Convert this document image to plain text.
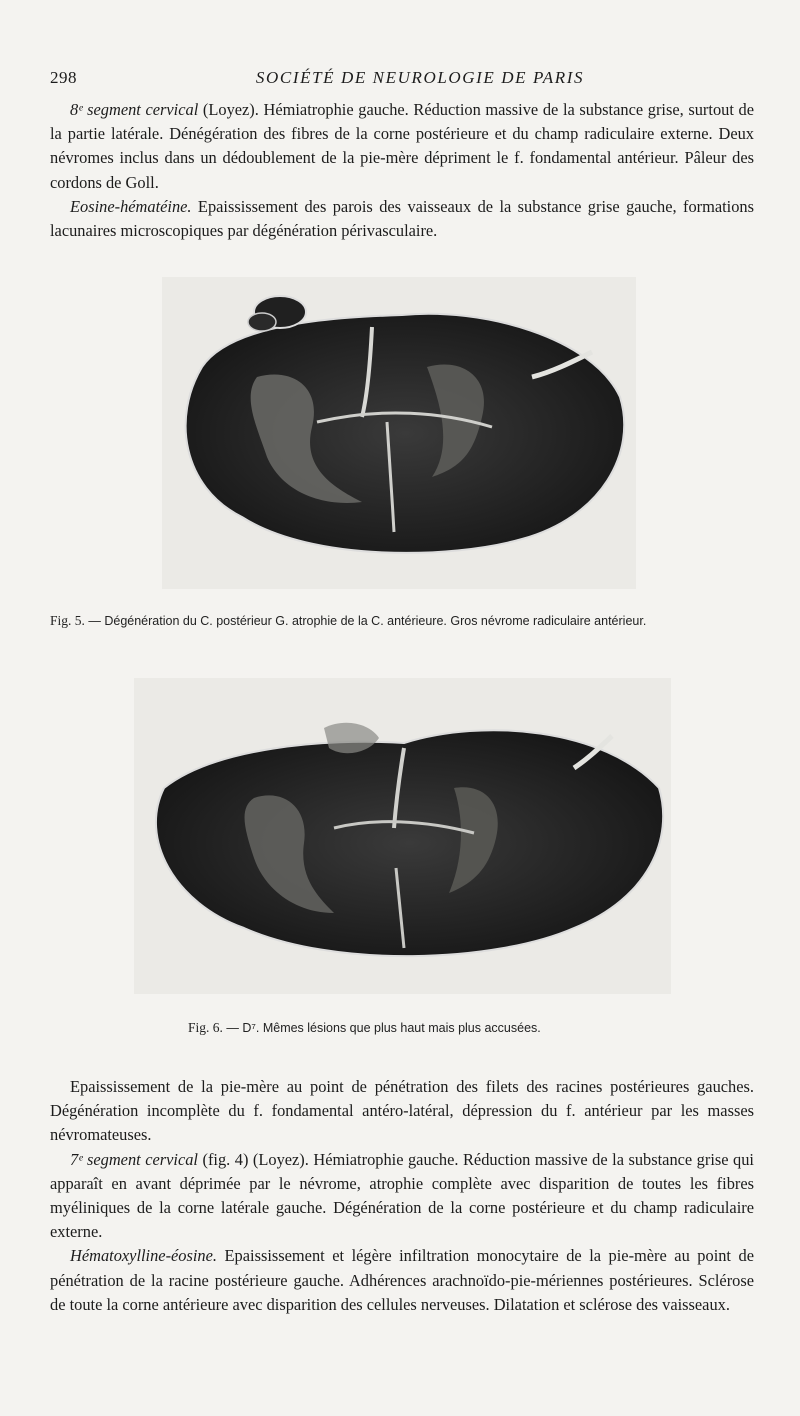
298	SOCIÉTÉ DE NEUROLOGIE DE PARIS

8ᵉ segment cervical (Loyez). Hémiatrophie gauche. Réduction massive de la substance grise, surtout de la partie latérale. Dénégération des fibres de la corne postérieure et du champ radiculaire externe. Deux névromes inclus dans un dédoublement de la pie-mère dépriment le f. fondamental antérieur. Pâleur des cordons de Goll.

Eosine-hématéine. Epaississement des parois des vaisseaux de la substance grise gauche, formations lacunaires microscopiques par dégénération périvasculaire.

Fig. 5. — Dégénération du C. postérieur G. atrophie de la C. antérieure. Gros névrome radiculaire antérieur.
Fig. 6. — D⁷. Mêmes lésions que plus haut mais plus accusées.

Epaississement de la pie-mère au point de pénétration des filets des racines postérieures gauches. Dégénération incomplète du f. fondamental antéro-latéral, dépression du f. antérieur par les masses névromateuses.

7ᵉ segment cervical (fig. 4) (Loyez). Hémiatrophie gauche. Réduction massive de la substance grise qui apparaît en avant déprimée par le névrome, atrophie complète avec disparition de toutes les fibres myéliniques de la corne latérale gauche. Dégénération de la corne postérieure et du champ radiculaire externe.

Hématoxylline-éosine. Epaississement et légère infiltration monocytaire de la pie-mère au point de pénétration de la racine postérieure gauche. Adhérences arachnoïdo-pie-mériennes postérieures. Sclérose de toute la corne antérieure avec disparition des cellules nerveuses. Dilatation et sclérose des vaisseaux.
